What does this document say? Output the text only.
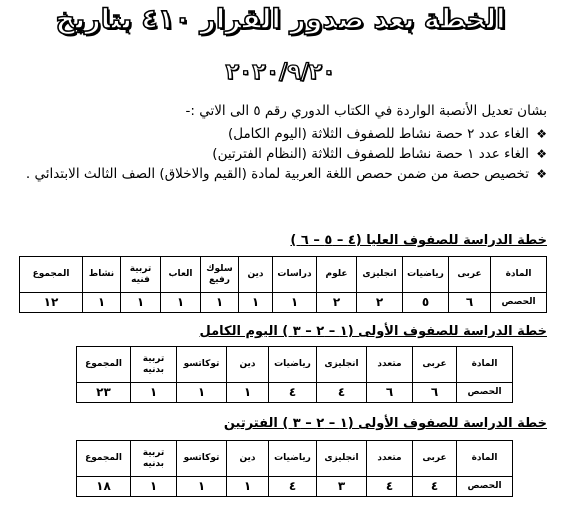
الخطة بعد صدور القرار ٤١٠ بتاريخ
٢٠٢٠/٩/٢٠
بشان تعديل الأنصبة الواردة في الكتاب الدوري رقم ٥ الى الاتي :-
❖ الغاء عدد ٢ حصة نشاط للصفوف الثلاثة (اليوم الكامل)
❖ الغاء عدد ١ حصة نشاط للصفوف الثلاثة (النظام الفترتين)
❖ تخصيص حصة من ضمن حصص اللغة العربية لمادة (القيم والاخلاق) الصف الثالث الابتدائي .
خطة الدراسة للصفوف العليا (٤ – ٥ – ٦ )
المادة	عربى	رياضيات	انجليزى	علوم	دراسات	دين	سلوك رفيع	العاب	تربية فنيه	نشاط	المجموع
الحصص	٦	٥	٢	٢	١	١	١	١	١	١	١٢
خطة الدراسة للصفوف الأولى (١ – ٢ – ٣ ) اليوم الكامل
المادة	عربى	متعدد	انجليزى	رياضيات	دين	توكاتسو	تربية بدنيه	المجموع
الحصص	٦	٦	٤	٤	١	١	١	٢٣
خطة الدراسة للصفوف الأولى (١ – ٢ – ٣ ) الفترتين
المادة	عربى	متعدد	انجليزى	رياضيات	دين	توكاتسو	تربية بدنيه	المجموع
الحصص	٤	٤	٣	٤	١	١	١	١٨
